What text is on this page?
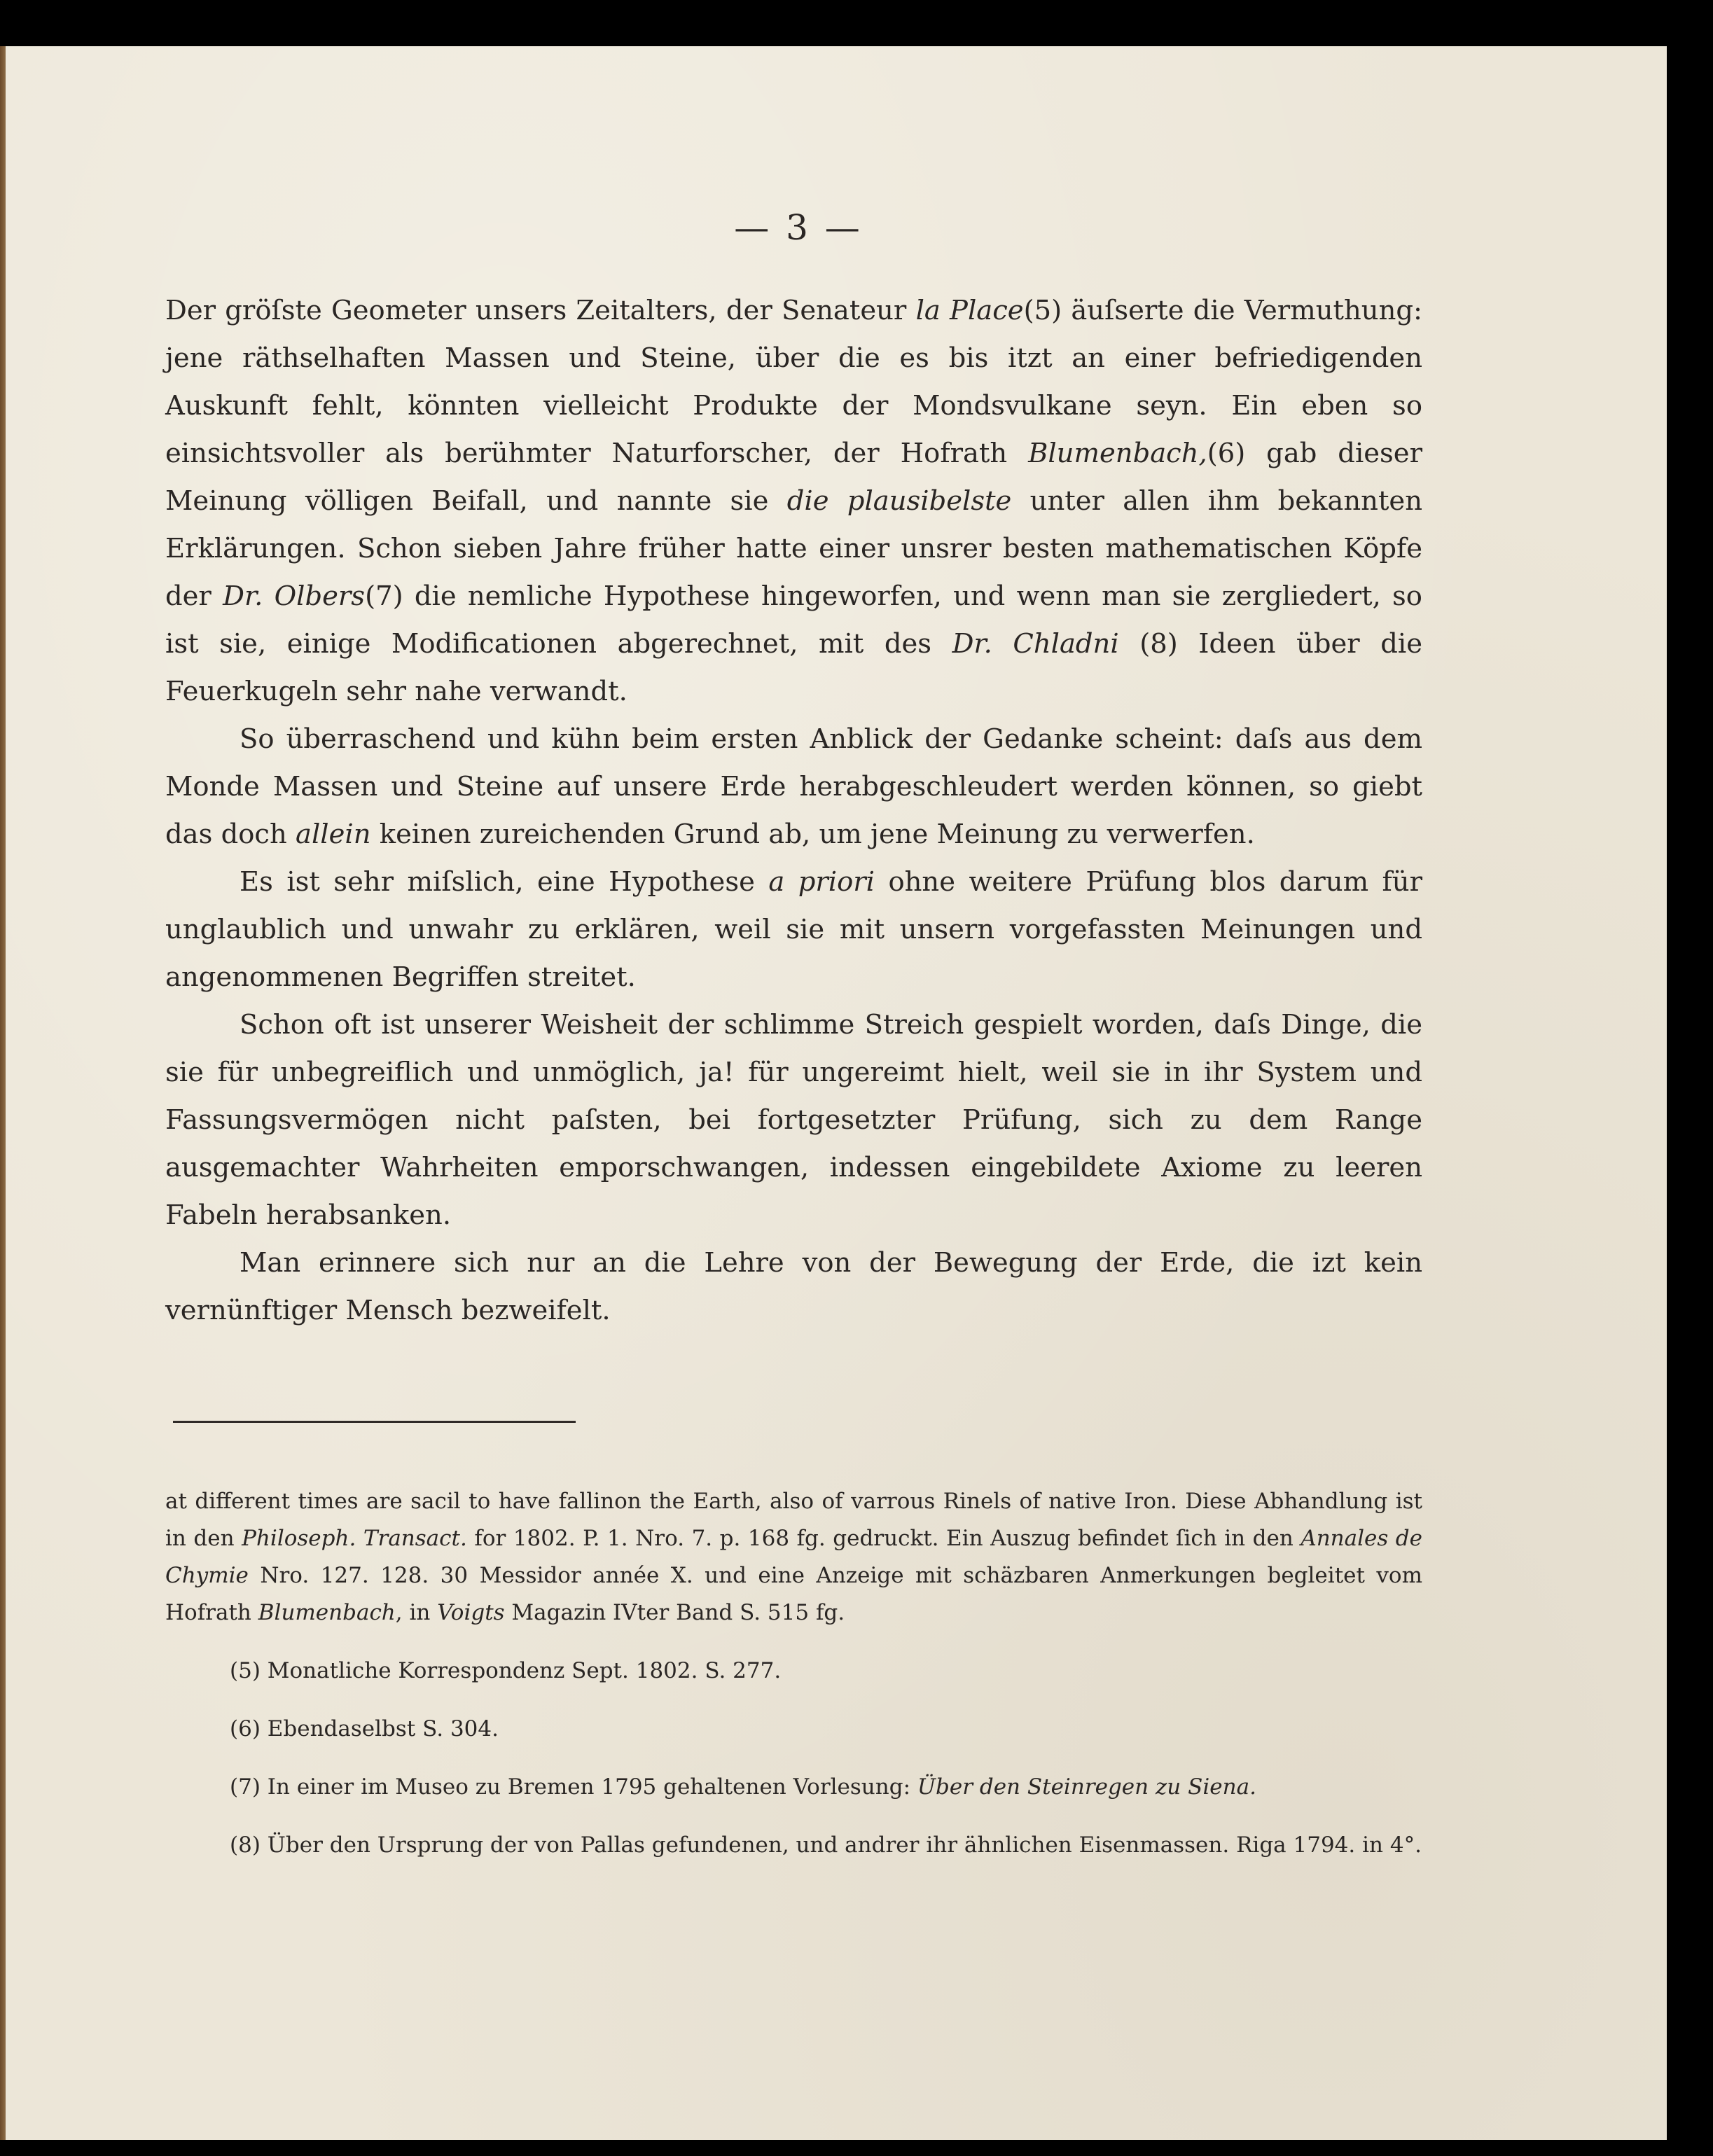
— 3 —

Der gröſste Geometer unsers Zeitalters, der Senateur la Place(5) äuſserte die Vermuthung: jene räthselhaften Massen und Steine, über die es bis itzt an einer befriedigenden Auskunft fehlt, könnten vielleicht Produkte der Mondsvulkane seyn. Ein eben so einsichtsvoller als berühmter Naturforscher, der Hofrath Blumenbach,(6) gab dieser Meinung völligen Beifall, und nannte sie die plausibelste unter allen ihm bekannten Erklärungen. Schon sieben Jahre früher hatte einer unsrer besten mathematischen Köpfe der Dr. Olbers(7) die nemliche Hypothese hingeworfen, und wenn man sie zergliedert, so ist sie, einige Modificationen abgerechnet, mit des Dr. Chladni (8) Ideen über die Feuerkugeln sehr nahe verwandt.

So überraschend und kühn beim ersten Anblick der Gedanke scheint: daſs aus dem Monde Massen und Steine auf unsere Erde herabgeschleudert werden können, so giebt das doch allein keinen zureichenden Grund ab, um jene Meinung zu verwerfen.

Es ist sehr miſslich, eine Hypothese a priori ohne weitere Prüfung blos darum für unglaublich und unwahr zu erklären, weil sie mit unsern vorgefassten Meinungen und angenommenen Begriffen streitet.

Schon oft ist unserer Weisheit der schlimme Streich gespielt worden, daſs Dinge, die sie für unbegreiflich und unmöglich, ja! für ungereimt hielt, weil sie in ihr System und Fassungsvermögen nicht paſsten, bei fortgesetzter Prüfung, sich zu dem Range ausgemachter Wahrheiten emporschwangen, indessen eingebildete Axiome zu leeren Fabeln herabsanken.

Man erinnere sich nur an die Lehre von der Bewegung der Erde, die izt kein vernünftiger Mensch bezweifelt.

at different times are sacil to have fallinon the Earth, also of varrous Rinels of native Iron. Diese Abhandlung ist in den Philoseph. Transact. for 1802. P. 1. Nro. 7. p. 168 fg. gedruckt. Ein Auszug befindet ſich in den Annales de Chymie Nro. 127. 128. 30 Messidor année X. und eine Anzeige mit schäzbaren Anmerkungen begleitet vom Hofrath Blumenbach, in Voigts Magazin IVter Band S. 515 fg.

(5) Monatliche Korrespondenz Sept. 1802. S. 277.

(6) Ebendaselbst S. 304.

(7) In einer im Museo zu Bremen 1795 gehaltenen Vorlesung: Über den Steinregen zu Siena.

(8) Über den Ursprung der von Pallas gefundenen, und andrer ihr ähnlichen Eisenmassen. Riga 1794. in 4°.
